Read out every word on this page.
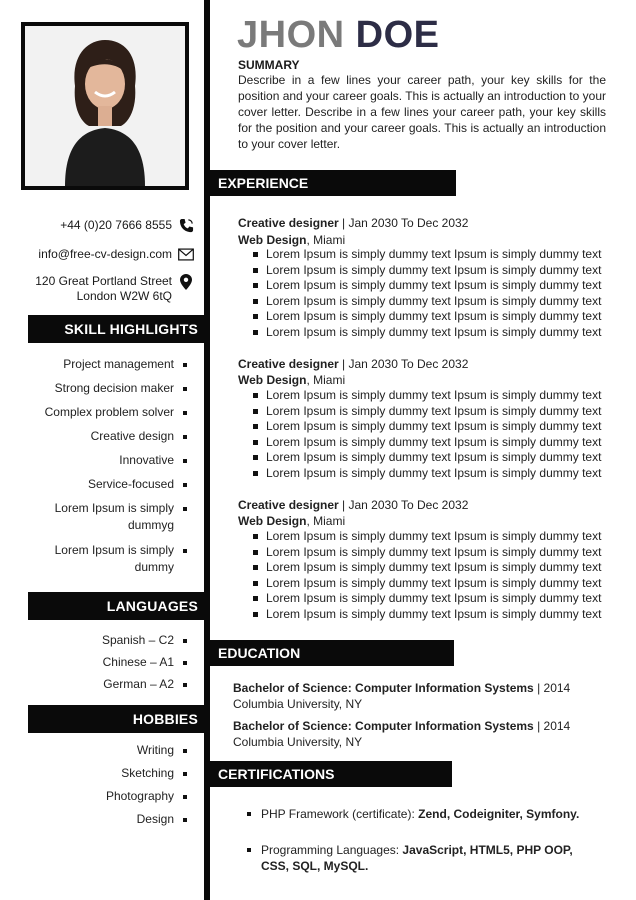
+44 (0)20 7666 8555
info@free-cv-design.com
120 Great Portland Street
London W2W 6tQ
SKILL HIGHLIGHTS
Project management
Strong decision maker
Complex problem solver
Creative design
Innovative
Service-focused
Lorem Ipsum is simply dummyg
Lorem Ipsum is simply dummy
LANGUAGES
Spanish – C2
Chinese – A1
German – A2
HOBBIES
Writing
Sketching
Photography
Design
JHON DOE
SUMMARY
Describe in a few lines your career path, your key skills for the position and your career goals. This is actually an introduction to your cover letter. Describe in a few lines your career path, your key skills for the position and your career goals. This is actually an introduction to your cover letter.
EXPERIENCE
Creative designer | Jan 2030 To Dec 2032
Web Design, Miami
Lorem Ipsum is simply dummy text Ipsum is simply dummy text
Lorem Ipsum is simply dummy text Ipsum is simply dummy text
Lorem Ipsum is simply dummy text Ipsum is simply dummy text
Lorem Ipsum is simply dummy text Ipsum is simply dummy text
Lorem Ipsum is simply dummy text Ipsum is simply dummy text
Lorem Ipsum is simply dummy text Ipsum is simply dummy text
Creative designer | Jan 2030 To Dec 2032
Web Design, Miami
Lorem Ipsum is simply dummy text Ipsum is simply dummy text
Lorem Ipsum is simply dummy text Ipsum is simply dummy text
Lorem Ipsum is simply dummy text Ipsum is simply dummy text
Lorem Ipsum is simply dummy text Ipsum is simply dummy text
Lorem Ipsum is simply dummy text Ipsum is simply dummy text
Lorem Ipsum is simply dummy text Ipsum is simply dummy text
Creative designer | Jan 2030 To Dec 2032
Web Design, Miami
Lorem Ipsum is simply dummy text Ipsum is simply dummy text
Lorem Ipsum is simply dummy text Ipsum is simply dummy text
Lorem Ipsum is simply dummy text Ipsum is simply dummy text
Lorem Ipsum is simply dummy text Ipsum is simply dummy text
Lorem Ipsum is simply dummy text Ipsum is simply dummy text
Lorem Ipsum is simply dummy text Ipsum is simply dummy text
EDUCATION
Bachelor of Science: Computer Information Systems | 2014
Columbia University, NY
Bachelor of Science: Computer Information Systems | 2014
Columbia University, NY
CERTIFICATIONS
PHP Framework (certificate): Zend, Codeigniter, Symfony.
Programming Languages: JavaScript, HTML5, PHP OOP, CSS, SQL, MySQL.
